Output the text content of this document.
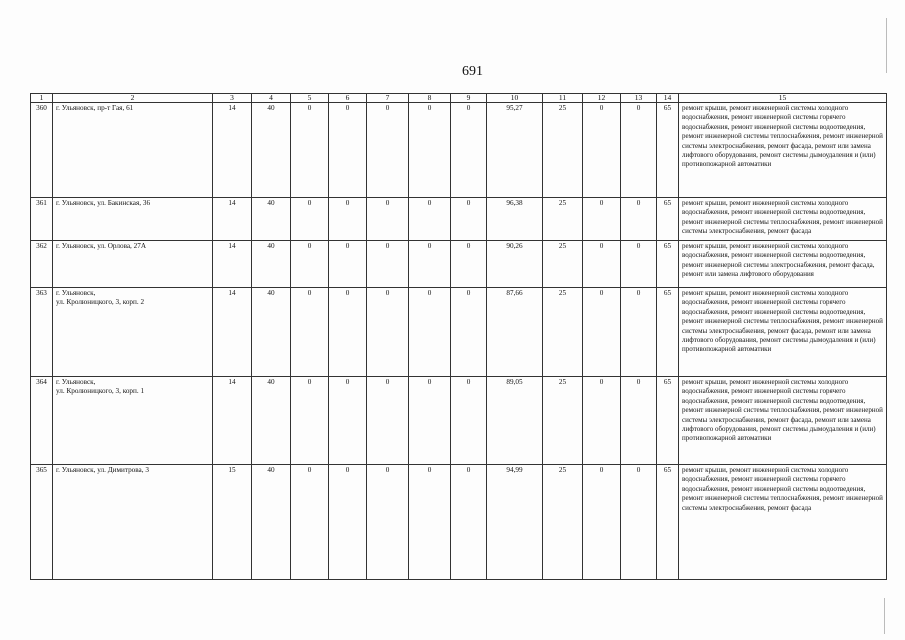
691
1	2	3	4	5	6	7	8	9	10	11	12	13	14	15
360	г. Ульяновск, пр-т Гая, 61	14	40	0	0	0	0	0	95,27	25	0	0	65	ремонт крыши, ремонт инженерной системы холодного водоснабжения, ремонт инженерной системы горячего водоснабжения, ремонт инженерной системы водоотведения, ремонт инженерной системы теплоснабжения, ремонт инженерной системы электроснабжения, ремонт фасада, ремонт или замена лифтового оборудования, ремонт системы дымоудаления и (или) противопожарной автоматики
361	г. Ульяновск, ул. Бакинская, 36	14	40	0	0	0	0	0	96,38	25	0	0	65	ремонт крыши, ремонт инженерной системы холодного водоснабжения, ремонт инженерной системы водоотведения, ремонт инженерной системы теплоснабжения, ремонт инженерной системы электроснабжения, ремонт фасада
362	г. Ульяновск, ул. Орлова, 27А	14	40	0	0	0	0	0	90,26	25	0	0	65	ремонт крыши, ремонт инженерной системы холодного водоснабжения, ремонт инженерной системы водоотведения, ремонт инженерной системы электроснабжения, ремонт фасада, ремонт или замена лифтового оборудования
363	г. Ульяновск,
ул. Кролюницкого, 3, корп. 2	14	40	0	0	0	0	0	87,66	25	0	0	65	ремонт крыши, ремонт инженерной системы холодного водоснабжения, ремонт инженерной системы горячего водоснабжения, ремонт инженерной системы водоотведения, ремонт инженерной системы теплоснабжения, ремонт инженерной системы электроснабжения, ремонт фасада, ремонт или замена лифтового оборудования, ремонт системы дымоудаления и (или) противопожарной автоматики
364	г. Ульяновск,
ул. Кролюницкого, 3, корп. 1	14	40	0	0	0	0	0	89,05	25	0	0	65	ремонт крыши, ремонт инженерной системы холодного водоснабжения, ремонт инженерной системы горячего водоснабжения, ремонт инженерной системы водоотведения, ремонт инженерной системы теплоснабжения, ремонт инженерной системы электроснабжения, ремонт фасада, ремонт или замена лифтового оборудования, ремонт системы дымоудаления и (или) противопожарной автоматики
365	г. Ульяновск, ул. Димитрова, 3	15	40	0	0	0	0	0	94,99	25	0	0	65	ремонт крыши, ремонт инженерной системы холодного водоснабжения, ремонт инженерной системы горячего водоснабжения, ремонт инженерной системы водоотведения, ремонт инженерной системы теплоснабжения, ремонт инженерной системы электроснабжения, ремонт фасада
